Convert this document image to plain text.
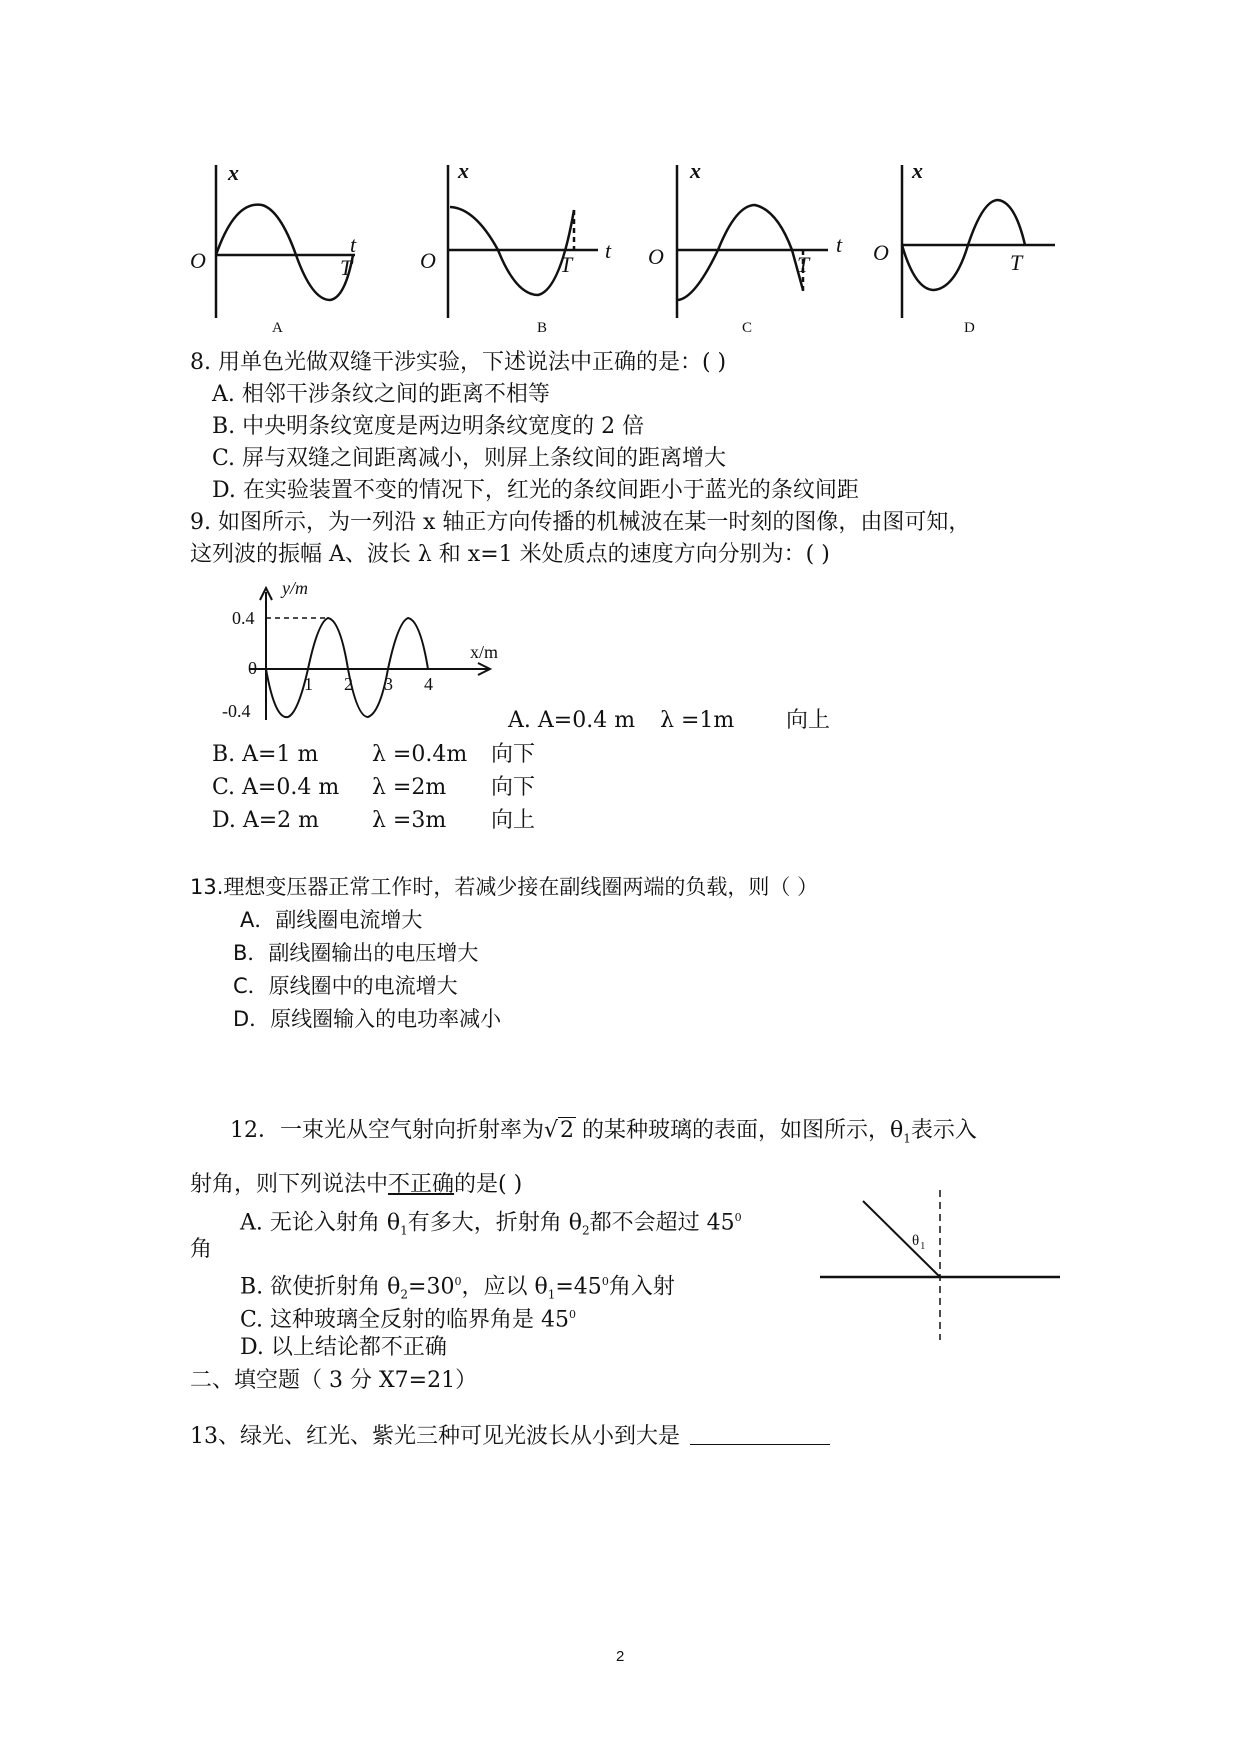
x
O
t
T
A
x
O	t
T
B
x
O	t
T
C
x
O	T
D
8. 用单色光做双缝干涉实验，下述说法中正确的是：( )
A. 相邻干涉条纹之间的距离不相等
B. 中央明条纹宽度是两边明条纹宽度的 2 倍
C. 屏与双缝之间距离减小，则屏上条纹间的距离增大
D. 在实验装置不变的情况下，红光的条纹间距小于蓝光的条纹间距
9. 如图所示，为一列沿 x 轴正方向传播的机械波在某一时刻的图像，由图可知，
这列波的振幅 A、波长 λ 和 x=1 米处质点的速度方向分别为：( )
y/m
x/m
0.4
0
-0.4
1 2 3 4
A. A=0.4 m λ =1m 向上
B. A=1 m λ =0.4m 向下
C. A=0.4 m λ =2m 向下
D. A=2 m λ =3m 向上
13.理想变压器正常工作时，若减少接在副线圈两端的负载，则（ ）
A．副线圈电流增大
B．副线圈输出的电压增大
C．原线圈中的电流增大
D．原线圈输入的电功率减小
12．一束光从空气射向折射率为√2 的某种玻璃的表面，如图所示，$\theta_1$表示入
射角，则下列说法中不正确的是( )
A. 无论入射角 $\theta_1$有多大，折射角 $\theta_2$都不会超过 $45^0$
角
B. 欲使折射角 $\theta_2=30^0$，应以 $\theta_1=45^0$角入射
C. 这种玻璃全反射的临界角是 $45^0$
D. 以上结论都不正确
$\theta_1$
二、填空题（ 3 分 X7=21）
13、绿光、红光、紫光三种可见光波长从小到大是
2
